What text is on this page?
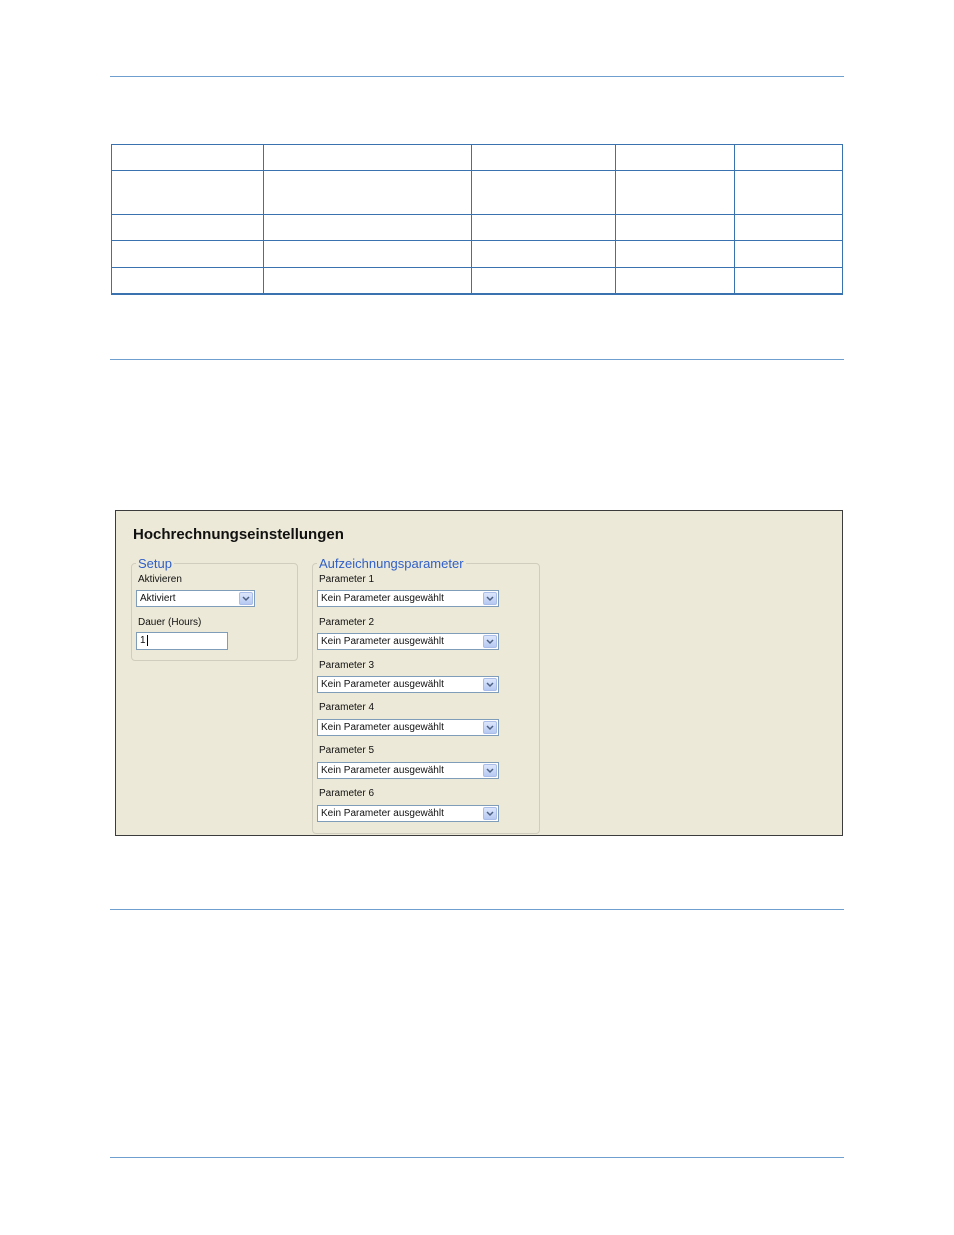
Hochrechnungseinstellungen
Setup
Aktivieren
Aktiviert
Dauer (Hours)
1
Aufzeichnungsparameter
Parameter 1
Kein Parameter ausgewählt
Parameter 2
Kein Parameter ausgewählt
Parameter 3
Kein Parameter ausgewählt
Parameter 4
Kein Parameter ausgewählt
Parameter 5
Kein Parameter ausgewählt
Parameter 6
Kein Parameter ausgewählt
